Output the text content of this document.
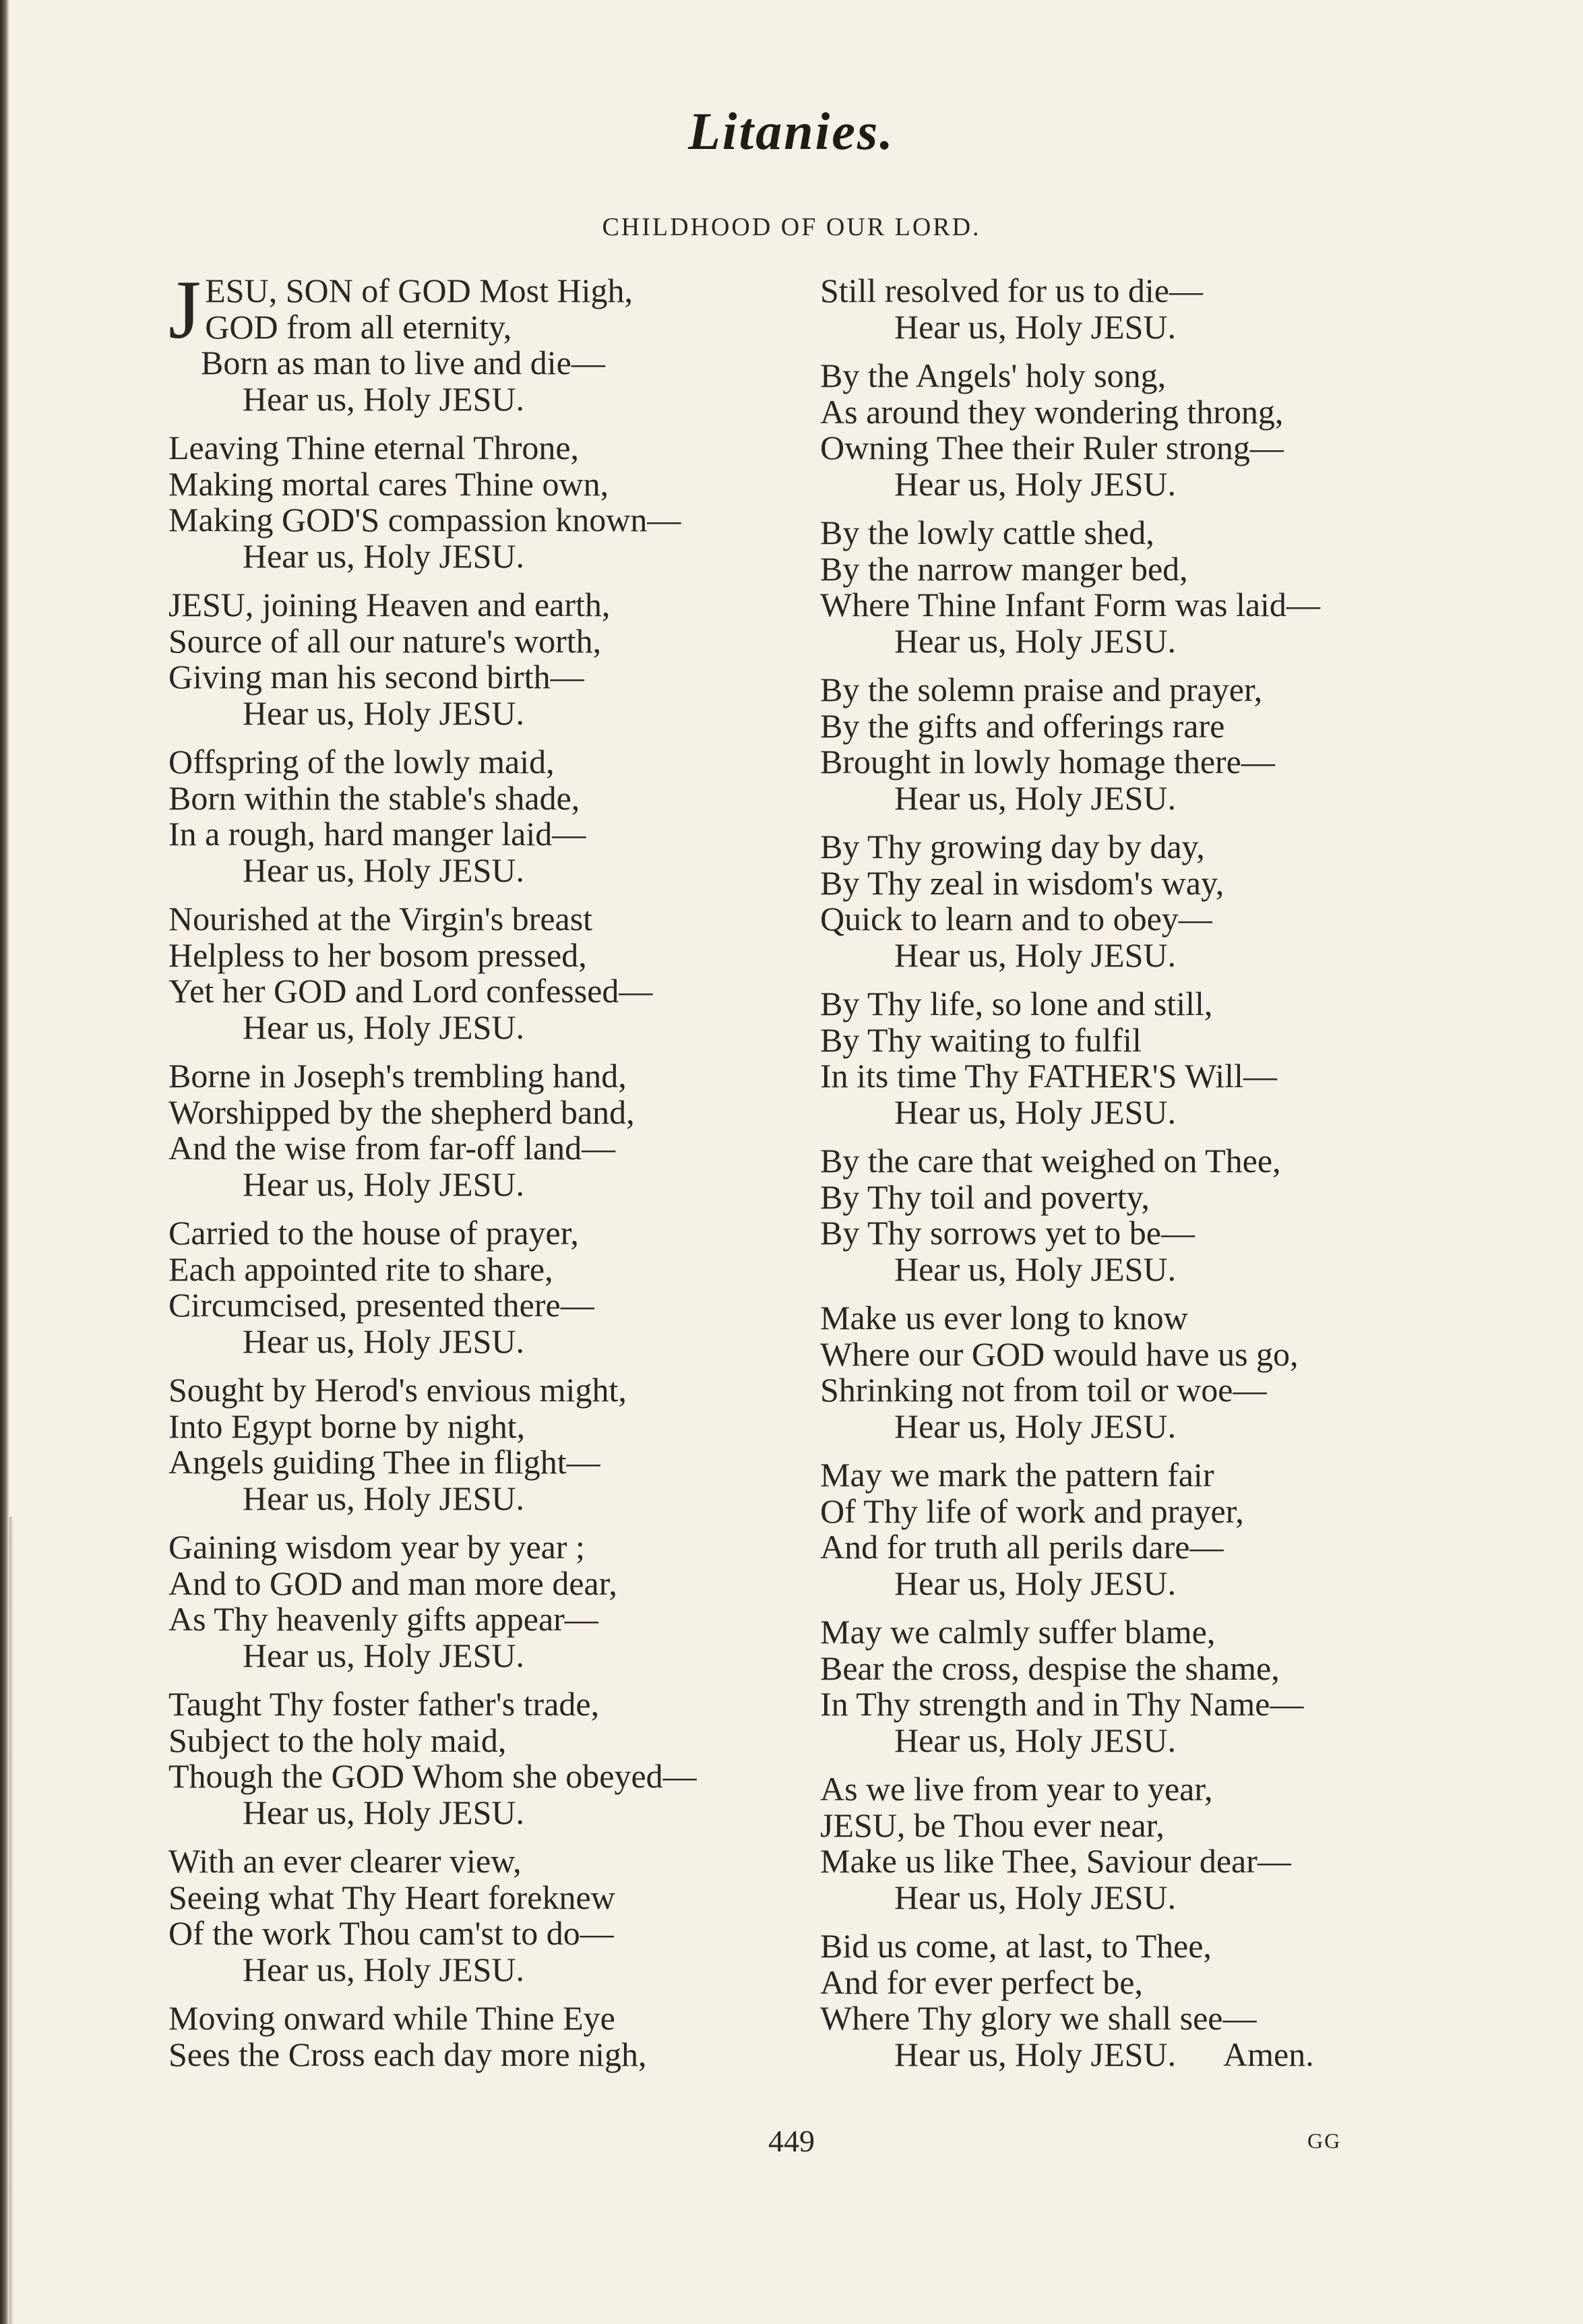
Litanies.
CHILDHOOD OF OUR LORD.
J ESU, SON of GOD Most High,
GOD from all eternity,
Born as man to live and die—
Hear us, Holy JESU.
Leaving Thine eternal Throne,
Making mortal cares Thine own,
Making GOD'S compassion known—
Hear us, Holy JESU.
JESU, joining Heaven and earth,
Source of all our nature's worth,
Giving man his second birth—
Hear us, Holy JESU.
Offspring of the lowly maid,
Born within the stable's shade,
In a rough, hard manger laid—
Hear us, Holy JESU.
Nourished at the Virgin's breast
Helpless to her bosom pressed,
Yet her GOD and Lord confessed—
Hear us, Holy JESU.
Borne in Joseph's trembling hand,
Worshipped by the shepherd band,
And the wise from far-off land—
Hear us, Holy JESU.
Carried to the house of prayer,
Each appointed rite to share,
Circumcised, presented there—
Hear us, Holy JESU.
Sought by Herod's envious might,
Into Egypt borne by night,
Angels guiding Thee in flight—
Hear us, Holy JESU.
Gaining wisdom year by year ;
And to GOD and man more dear,
As Thy heavenly gifts appear—
Hear us, Holy JESU.
Taught Thy foster father's trade,
Subject to the holy maid,
Though the GOD Whom she obeyed—
Hear us, Holy JESU.
With an ever clearer view,
Seeing what Thy Heart foreknew
Of the work Thou cam'st to do—
Hear us, Holy JESU.
Moving onward while Thine Eye
Sees the Cross each day more nigh,
Still resolved for us to die—
Hear us, Holy JESU.
By the Angels' holy song,
As around they wondering throng,
Owning Thee their Ruler strong—
Hear us, Holy JESU.
By the lowly cattle shed,
By the narrow manger bed,
Where Thine Infant Form was laid—
Hear us, Holy JESU.
By the solemn praise and prayer,
By the gifts and offerings rare
Brought in lowly homage there—
Hear us, Holy JESU.
By Thy growing day by day,
By Thy zeal in wisdom's way,
Quick to learn and to obey—
Hear us, Holy JESU.
By Thy life, so lone and still,
By Thy waiting to fulfil
In its time Thy FATHER'S Will—
Hear us, Holy JESU.
By the care that weighed on Thee,
By Thy toil and poverty,
By Thy sorrows yet to be—
Hear us, Holy JESU.
Make us ever long to know
Where our GOD would have us go,
Shrinking not from toil or woe—
Hear us, Holy JESU.
May we mark the pattern fair
Of Thy life of work and prayer,
And for truth all perils dare—
Hear us, Holy JESU.
May we calmly suffer blame,
Bear the cross, despise the shame,
In Thy strength and in Thy Name—
Hear us, Holy JESU.
As we live from year to year,
JESU, be Thou ever near,
Make us like Thee, Saviour dear—
Hear us, Holy JESU.
Bid us come, at last, to Thee,
And for ever perfect be,
Where Thy glory we shall see—
Hear us, Holy JESU. Amen.
449	GG
